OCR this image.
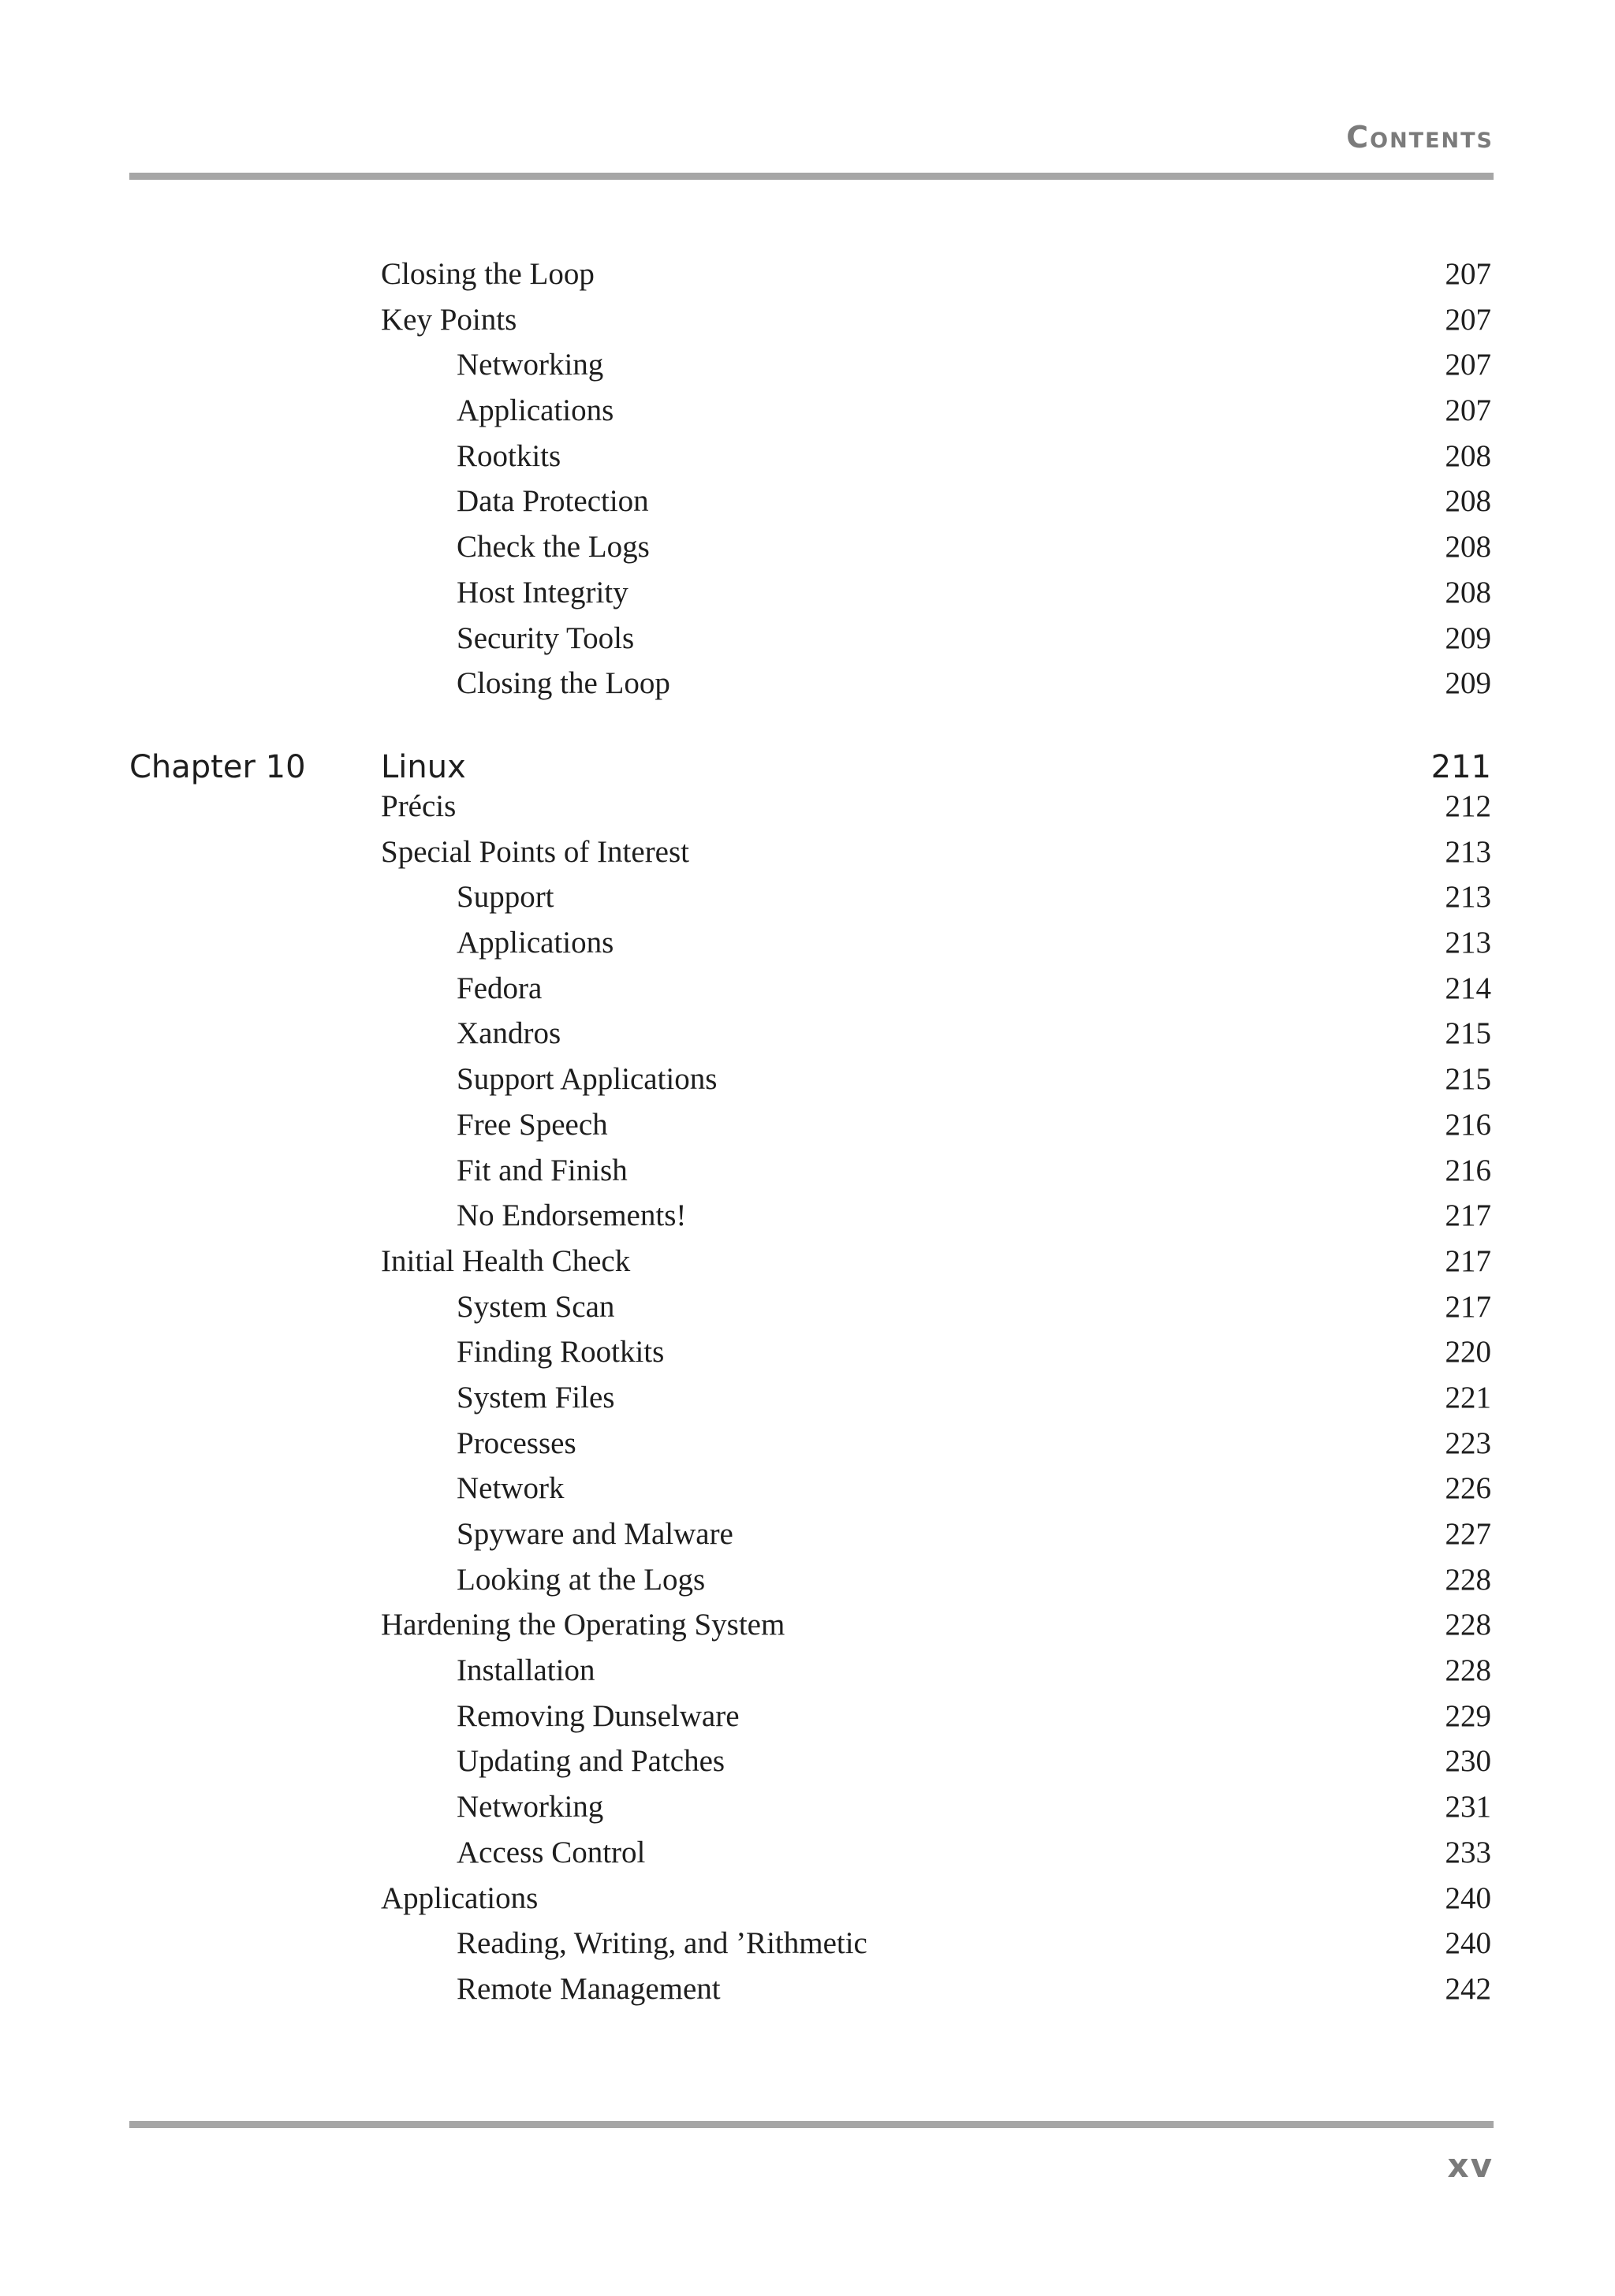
Contents
Closing the Loop	207
Key Points	207
Networking	207
Applications	207
Rootkits	208
Data Protection	208
Check the Logs	208
Host Integrity	208
Security Tools	209
Closing the Loop	209
Chapter 10 Linux	211
Précis	212
Special Points of Interest	213
Support	213
Applications	213
Fedora	214
Xandros	215
Support Applications	215
Free Speech	216
Fit and Finish	216
No Endorsements!	217
Initial Health Check	217
System Scan	217
Finding Rootkits	220
System Files	221
Processes	223
Network	226
Spyware and Malware	227
Looking at the Logs	228
Hardening the Operating System	228
Installation	228
Removing Dunselware	229
Updating and Patches	230
Networking	231
Access Control	233
Applications	240
Reading, Writing, and ’Rithmetic	240
Remote Management	242
xv
